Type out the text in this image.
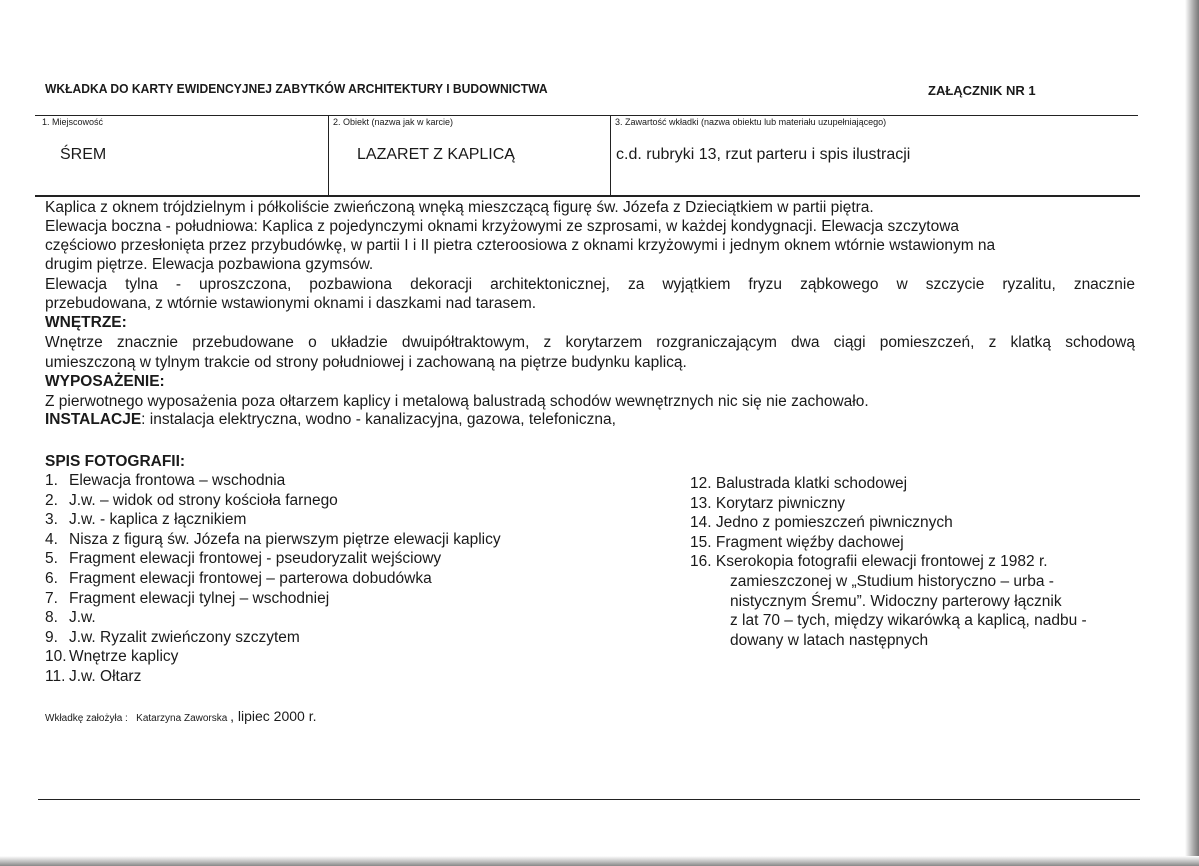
WKŁADKA DO KARTY EWIDENCYJNEJ ZABYTKÓW ARCHITEKTURY I BUDOWNICTWA	ZAŁĄCZNIK NR 1
1. Miejscowość
ŚREM
2. Obiekt (nazwa jak w karcie)
LAZARET Z KAPLICĄ
3. Zawartość wkładki (nazwa obiektu lub materiału uzupełniającego)
c.d. rubryki 13, rzut parteru i spis ilustracji
Kaplica z oknem trójdzielnym i półkoliście zwieńczoną wnęką mieszczącą figurę św. Józefa z Dzieciątkiem w partii piętra.
Elewacja boczna - południowa: Kaplica z pojedynczymi oknami krzyżowymi ze szprosami, w każdej kondygnacji. Elewacja szczytowa
częściowo przesłonięta przez przybudówkę, w partii I i II pietra czteroosiowa z oknami krzyżowymi i jednym oknem wtórnie wstawionym na
drugim piętrze. Elewacja pozbawiona gzymsów.
Elewacja tylna - uproszczona, pozbawiona dekoracji architektonicznej, za wyjątkiem fryzu ząbkowego w szczycie ryzalitu, znacznie
przebudowana, z wtórnie wstawionymi oknami i daszkami nad tarasem.
WNĘTRZE:
Wnętrze znacznie przebudowane o układzie dwuipółtraktowym, z korytarzem rozgraniczającym dwa ciągi pomieszczeń, z klatką schodową
umieszczoną w tylnym trakcie od strony południowej i zachowaną na piętrze budynku kaplicą.
WYPOSAŻENIE:
Z pierwotnego wyposażenia poza ołtarzem kaplicy i metalową balustradą schodów wewnętrznych nic się nie zachowało.
INSTALACJE: instalacja elektryczna, wodno - kanalizacyjna, gazowa, telefoniczna,
SPIS FOTOGRAFII:
1. Elewacja frontowa – wschodnia
2. J.w. – widok od strony kościoła farnego
3. J.w. - kaplica z łącznikiem
4. Nisza z figurą św. Józefa na pierwszym piętrze elewacji kaplicy
5. Fragment elewacji frontowej - pseudoryzalit wejściowy
6. Fragment elewacji frontowej – parterowa dobudówka
7. Fragment elewacji tylnej – wschodniej
8. J.w.
9. J.w. Ryzalit zwieńczony szczytem
10. Wnętrze kaplicy
11. J.w. Ołtarz
12. Balustrada klatki schodowej
13. Korytarz piwniczny
14. Jedno z pomieszczeń piwnicznych
15. Fragment więźby dachowej
16. Kserokopia fotografii elewacji frontowej z 1982 r.
zamieszczonej w „Studium historyczno – urba -
nistycznym Śremu”. Widoczny parterowy łącznik
z lat 70 – tych, między wikarówką a kaplicą, nadbu -
dowany w latach następnych
Wkładkę założyła : Katarzyna Zaworska , lipiec 2000 r.
